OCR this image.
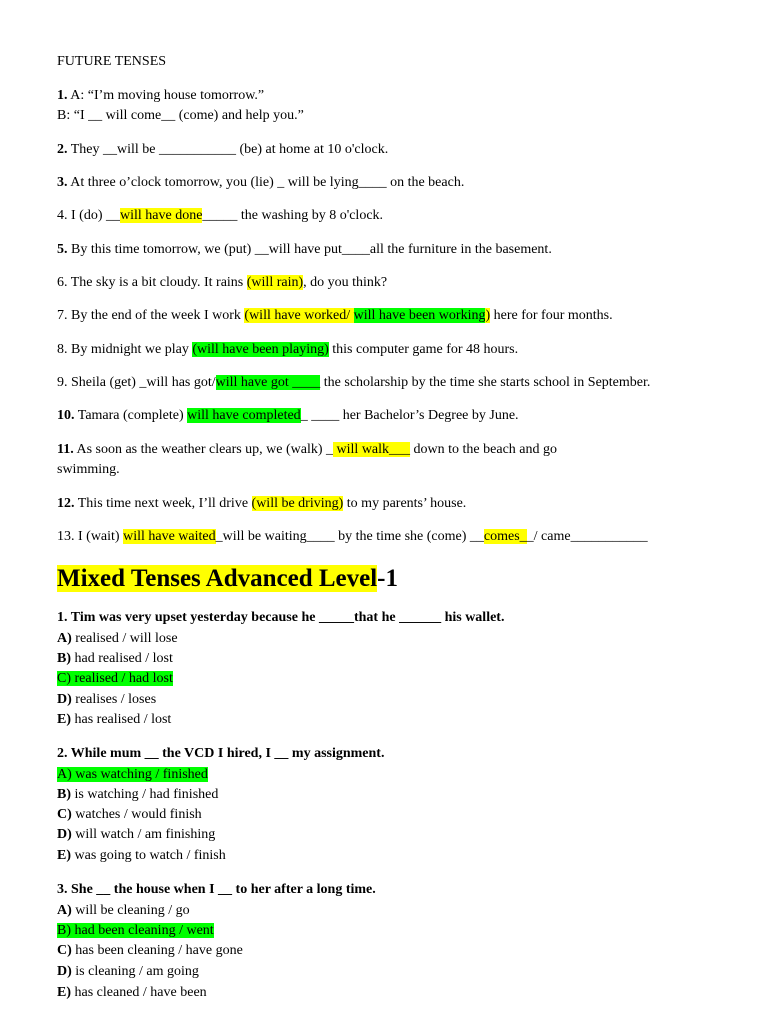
FUTURE TENSES
1. A: “I’m moving house tomorrow.”
B: “I __ will come__ (come) and help you.”
2. They __will be ___________ (be) at home at 10 o'clock.
3. At three o’clock tomorrow, you (lie) _ will be lying____ on the beach.
4. I (do) __will have done_____ the washing by 8 o'clock.
5. By this time tomorrow, we (put) __will have put____all the furniture in the basement.
6. The sky is a bit cloudy. It rains (will rain), do you think?
7. By the end of the week I work (will have worked/ will have been working) here for four months.
8. By midnight we play (will have been playing) this computer game for 48 hours.
9. Sheila (get) _will has got/will have got ____ the scholarship by the time she starts school in September.
10. Tamara (complete) will have completed_ ____ her Bachelor’s Degree by June.
11. As soon as the weather clears up, we (walk) _ will walk___ down to the beach and go
swimming.
12. This time next week, I’ll drive (will be driving) to my parents’ house.
13. I (wait) will have waited_will be waiting____ by the time she (come) __comes__/ came___________
Mixed Tenses Advanced Level-1
1. Tim was very upset yesterday because he _____that he ______ his wallet.
A) realised / will lose
B) had realised / lost
C) realised / had lost
D) realises / loses
E) has realised / lost
2. While mum __ the VCD I hired, I __ my assignment.
A) was watching / finished
B) is watching / had finished
C) watches / would finish
D) will watch / am finishing
E) was going to watch / finish
3. She __ the house when I __ to her after a long time.
A) will be cleaning / go
B) had been cleaning / went
C) has been cleaning / have gone
D) is cleaning / am going
E) has cleaned / have been
